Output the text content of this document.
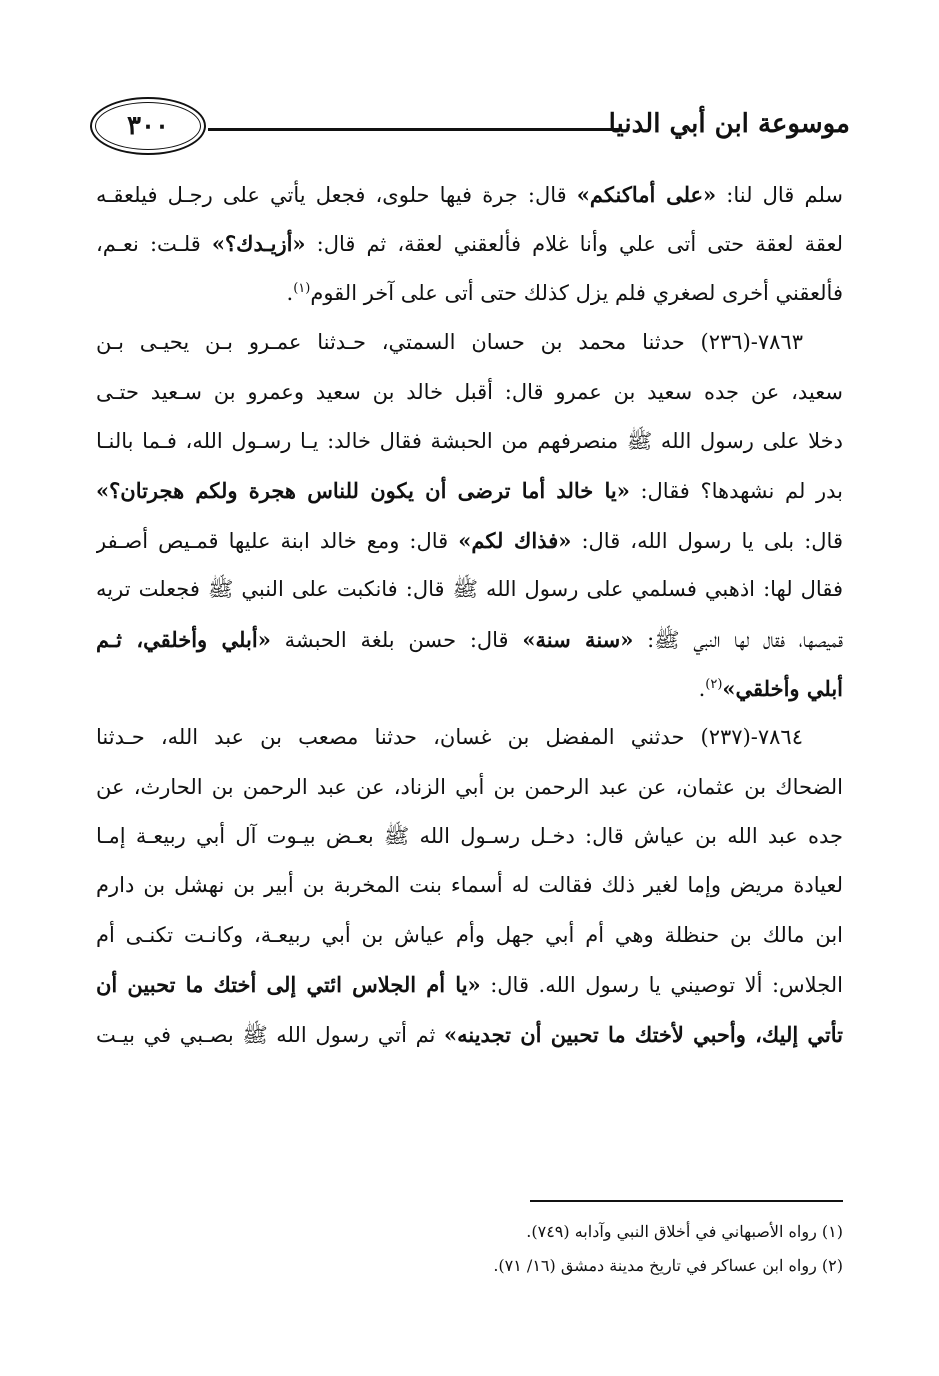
٣٠٠	موسوعة ابن أبي الدنيا
سلم قال لنا: «على أماكنكم» قال: جرة فيها حلوى، فجعل يأتي على رجـل فيلعقـه
لعقة لعقة حتى أتى علي وأنا غلام فألعقني لعقة، ثم قال: «أزيـدك؟» قلـت: نعـم،
فألعقني أخرى لصغري فلم يزل كذلك حتى أتى على آخر القوم$^{(١)}$.
٧٨٦٣-(٢٣٦) حدثنا محمد بن حسان السمتي، حـدثنا عمـرو بـن يحيـى بـن
سعيد، عن جده سعيد بن عمرو قال: أقبل خالد بن سعيد وعمرو بن سـعيد حتـى
دخلا على رسول الله ﷺ منصرفهم من الحبشة فقال خالد: يـا رسـول الله، فـما بالنـا
بدر لم نشهدها؟ فقال: «يا خالد أما ترضى أن يكون للناس هجرة ولكم هجرتان؟»
قال: بلى يا رسول الله، قال: «فذاك لكم» قال: ومع خالد ابنة عليها قمـيص أصـفر
فقال لها: اذهبي فسلمي على رسول الله ﷺ قال: فانكبت على النبي ﷺ فجعلت تريه
قميصها، فقال لها النبي ﷺ: «سنة سنة» قال: حسن بلغة الحبشة «أبلي وأخلقي، ثـم
أبلي وأخلقي»$^{(٢)}$.
٧٨٦٤-(٢٣٧) حدثني المفضل بن غسان، حدثنا مصعب بن عبد الله، حـدثنا
الضحاك بن عثمان، عن عبد الرحمن بن أبي الزناد، عن عبد الرحمن بن الحارث، عن
جده عبد الله بن عياش قال: دخـل رسـول الله ﷺ بعـض بيـوت آل أبي ربيعـة إمـا
لعيادة مريض وإما لغير ذلك فقالت له أسماء بنت المخربة بن أبير بن نهشل بن دارم
ابن مالك بن حنظلة وهي أم أبي جهل وأم عياش بن أبي ربيعـة، وكانـت تكنـى أم
الجلاس: ألا توصيني يا رسول الله. قال: «يا أم الجلاس ائتي إلى أختك ما تحبين أن
تأتي إليك، وأحبي لأختك ما تحبين أن تجدينه» ثم أتي رسول الله ﷺ بصـبي في بيـت
(١) رواه الأصبهاني في أخلاق النبي وآدابه (٧٤٩).
(٢) رواه ابن عساكر في تاريخ مدينة دمشق (١٦/ ٧١).
